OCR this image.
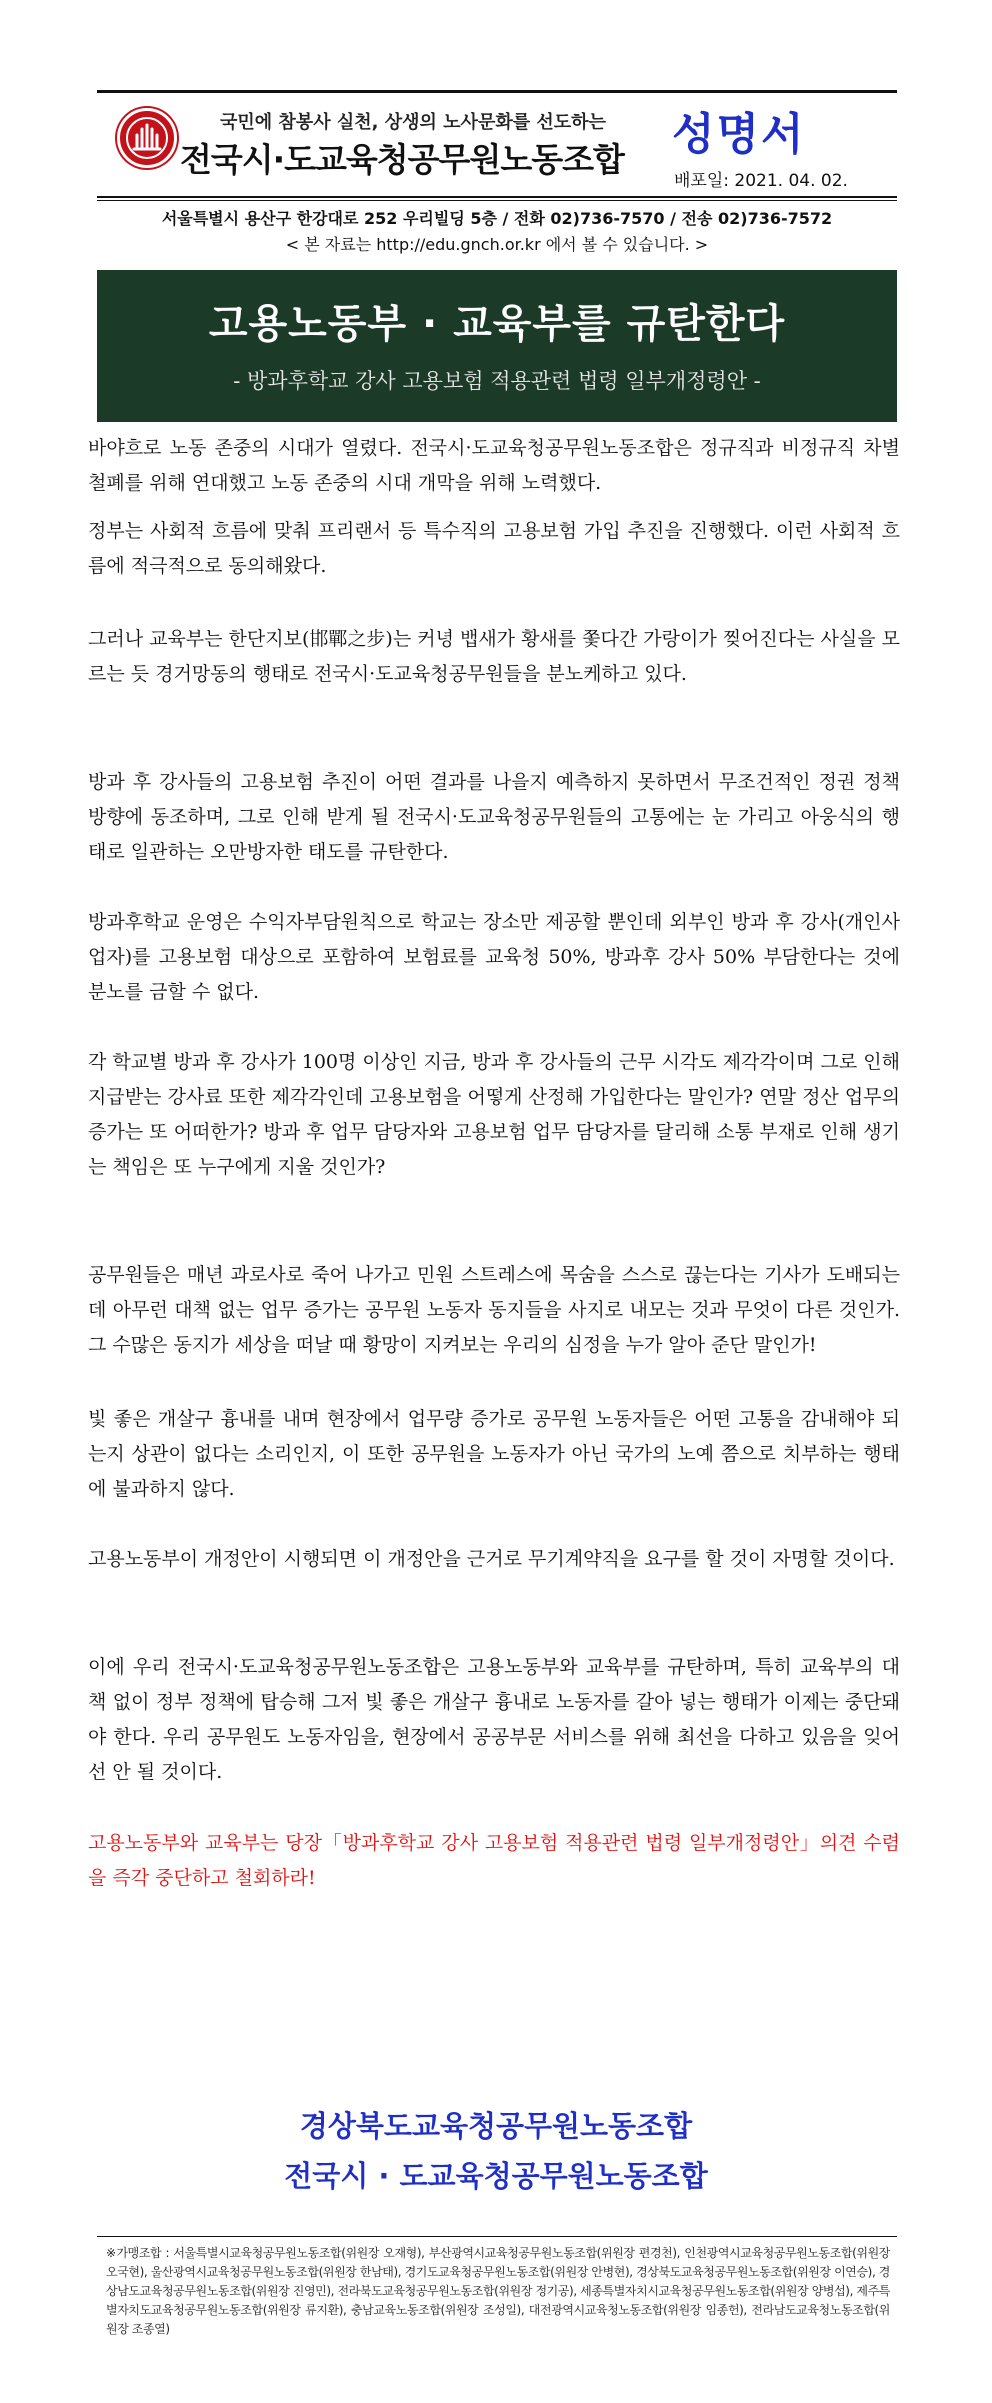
국민에 참봉사 실천, 상생의 노사문화를 선도하는
전국시·도교육청공무원노동조합 성명서
배포일: 2021. 04. 02.
서울특별시 용산구 한강대로 252 우리빌딩 5층 / 전화 02)736-7570 / 전송 02)736-7572
< 본 자료는 http://edu.gnch.or.kr 에서 볼 수 있습니다. >
고용노동부 · 교육부를 규탄한다
- 방과후학교 강사 고용보험 적용관련 법령 일부개정령안 -
바야흐로 노동 존중의 시대가 열렸다. 전국시·도교육청공무원노동조합은 정규직과 비정규직 차별 철폐를 위해 연대했고 노동 존중의 시대 개막을 위해 노력했다.
정부는 사회적 흐름에 맞춰 프리랜서 등 특수직의 고용보험 가입 추진을 진행했다. 이런 사회적 흐름에 적극적으로 동의해왔다.
그러나 교육부는 한단지보(邯鄲之步)는 커녕 뱁새가 황새를 쫓다간 가랑이가 찢어진다는 사실을 모르는 듯 경거망동의 행태로 전국시·도교육청공무원들을 분노케하고 있다.
방과 후 강사들의 고용보험 추진이 어떤 결과를 나을지 예측하지 못하면서 무조건적인 정권 정책 방향에 동조하며, 그로 인해 받게 될 전국시·도교육청공무원들의 고통에는 눈 가리고 아웅식의 행태로 일관하는 오만방자한 태도를 규탄한다.
방과후학교 운영은 수익자부담원칙으로 학교는 장소만 제공할 뿐인데 외부인 방과 후 강사(개인사업자)를 고용보험 대상으로 포함하여 보험료를 교육청 50%, 방과후 강사 50% 부담한다는 것에 분노를 금할 수 없다.
각 학교별 방과 후 강사가 100명 이상인 지금, 방과 후 강사들의 근무 시각도 제각각이며 그로 인해 지급받는 강사료 또한 제각각인데 고용보험을 어떻게 산정해 가입한다는 말인가? 연말 정산 업무의 증가는 또 어떠한가? 방과 후 업무 담당자와 고용보험 업무 담당자를 달리해 소통 부재로 인해 생기는 책임은 또 누구에게 지울 것인가?
공무원들은 매년 과로사로 죽어 나가고 민원 스트레스에 목숨을 스스로 끊는다는 기사가 도배되는데 아무런 대책 없는 업무 증가는 공무원 노동자 동지들을 사지로 내모는 것과 무엇이 다른 것인가. 그 수많은 동지가 세상을 떠날 때 황망이 지켜보는 우리의 심정을 누가 알아 준단 말인가!
빛 좋은 개살구 흉내를 내며 현장에서 업무량 증가로 공무원 노동자들은 어떤 고통을 감내해야 되는지 상관이 없다는 소리인지, 이 또한 공무원을 노동자가 아닌 국가의 노예 쯤으로 치부하는 행태에 불과하지 않다.
고용노동부이 개정안이 시행되면 이 개정안을 근거로 무기계약직을 요구를 할 것이 자명할 것이다.
이에 우리 전국시·도교육청공무원노동조합은 고용노동부와 교육부를 규탄하며, 특히 교육부의 대책 없이 정부 정책에 탑승해 그저 빛 좋은 개살구 흉내로 노동자를 갈아 넣는 행태가 이제는 중단돼야 한다. 우리 공무원도 노동자임을, 현장에서 공공부문 서비스를 위해 최선을 다하고 있음을 잊어선 안 될 것이다.
고용노동부와 교육부는 당장「방과후학교 강사 고용보험 적용관련 법령 일부개정령안」의견 수렴을 즉각 중단하고 철회하라!
경상북도교육청공무원노동조합
전국시 · 도교육청공무원노동조합
※가맹조합 : 서울특별시교육청공무원노동조합(위원장 오재형), 부산광역시교육청공무원노동조합(위원장 편경천), 인천광역시교육청공무원노동조합(위원장 오국현), 울산광역시교육청공무원노동조합(위원장 한남태), 경기도교육청공무원노동조합(위원장 안병현), 경상북도교육청공무원노동조합(위원장 이연승), 경상남도교육청공무원노동조합(위원장 진영민), 전라북도교육청공무원노동조합(위원장 정기공), 세종특별자치시교육청공무원노동조합(위원장 양병섭), 제주특별자치도교육청공무원노동조합(위원장 류지환), 충남교육노동조합(위원장 조성일), 대전광역시교육청노동조합(위원장 임종헌), 전라남도교육청노동조합(위원장 조종열)
